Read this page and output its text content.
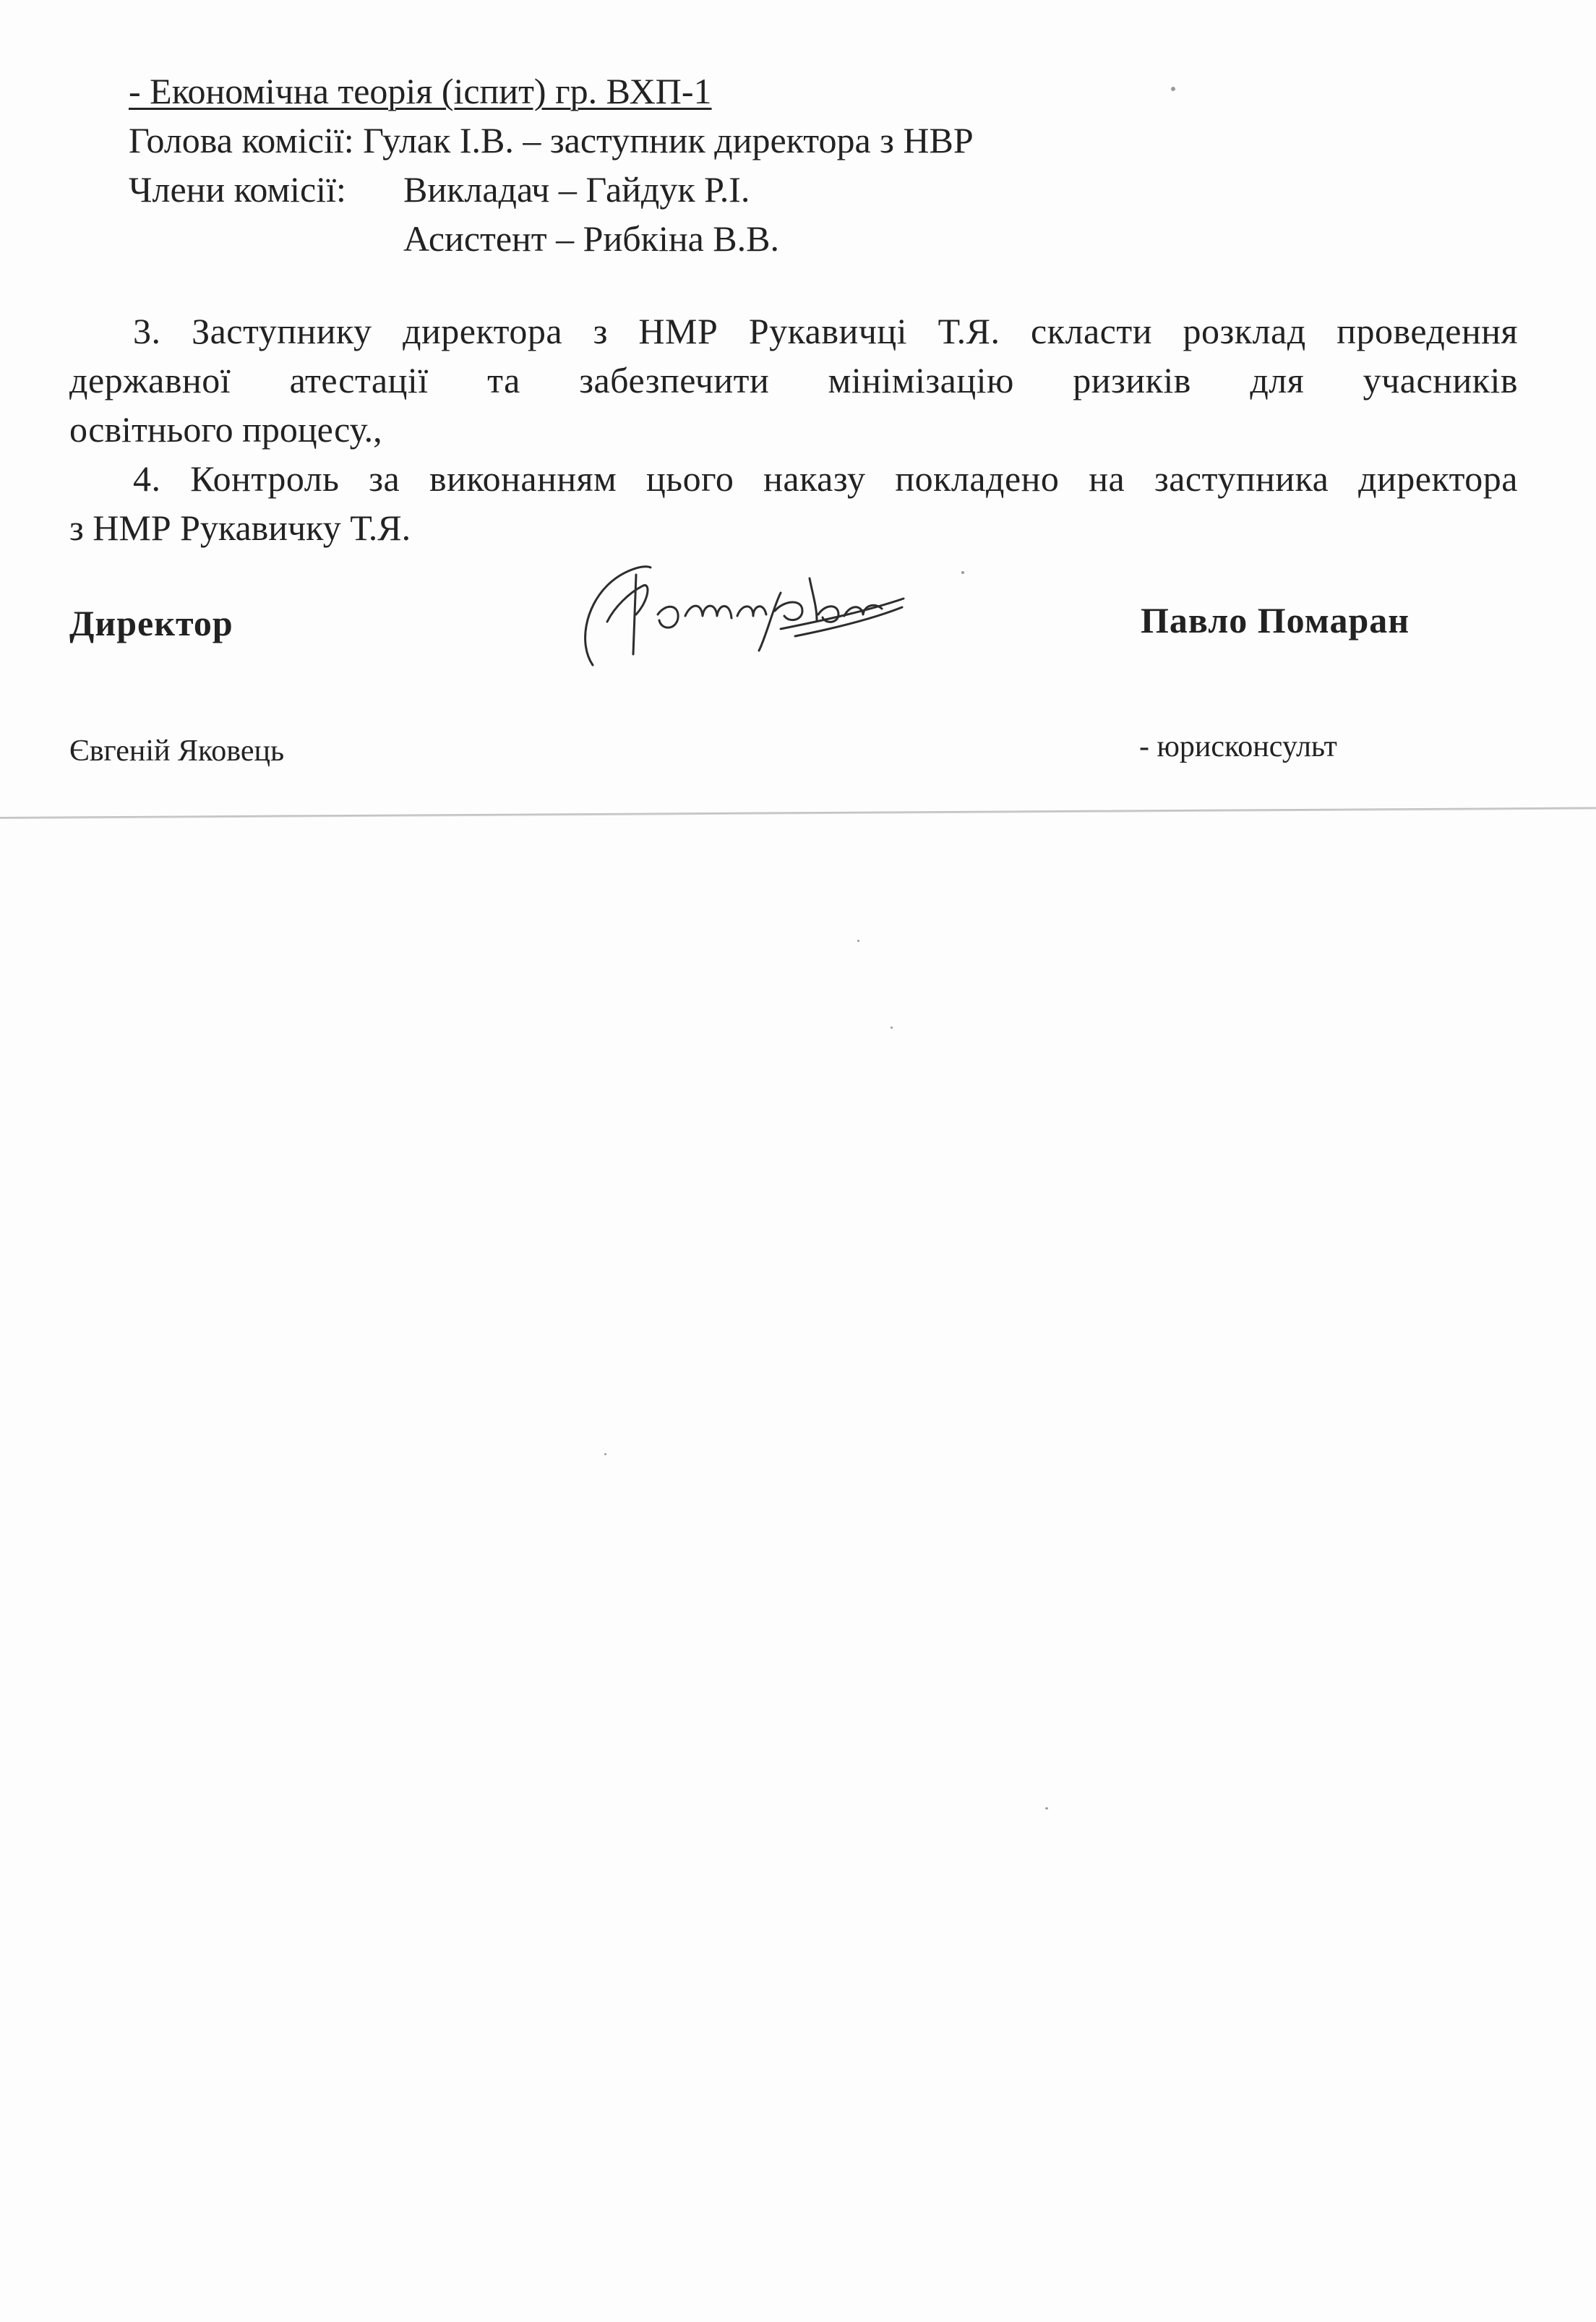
- Економічна теорія (іспит) гр. ВХП-1
Голова комісії: Гулак І.В. – заступник директора з НВР
Члени комісії: Викладач – Гайдук Р.І.
Асистент – Рибкіна В.В.
3. Заступнику директора з НМР Рукавичці Т.Я. скласти розклад проведення
державної атестації та забезпечити мінімізацію ризиків для учасників
освітнього процесу.,
4. Контроль за виконанням цього наказу покладено на заступника директора
з НМР Рукавичку Т.Я.
Директор	Павло Помаран
Євгеній Яковець	- юрисконсульт
